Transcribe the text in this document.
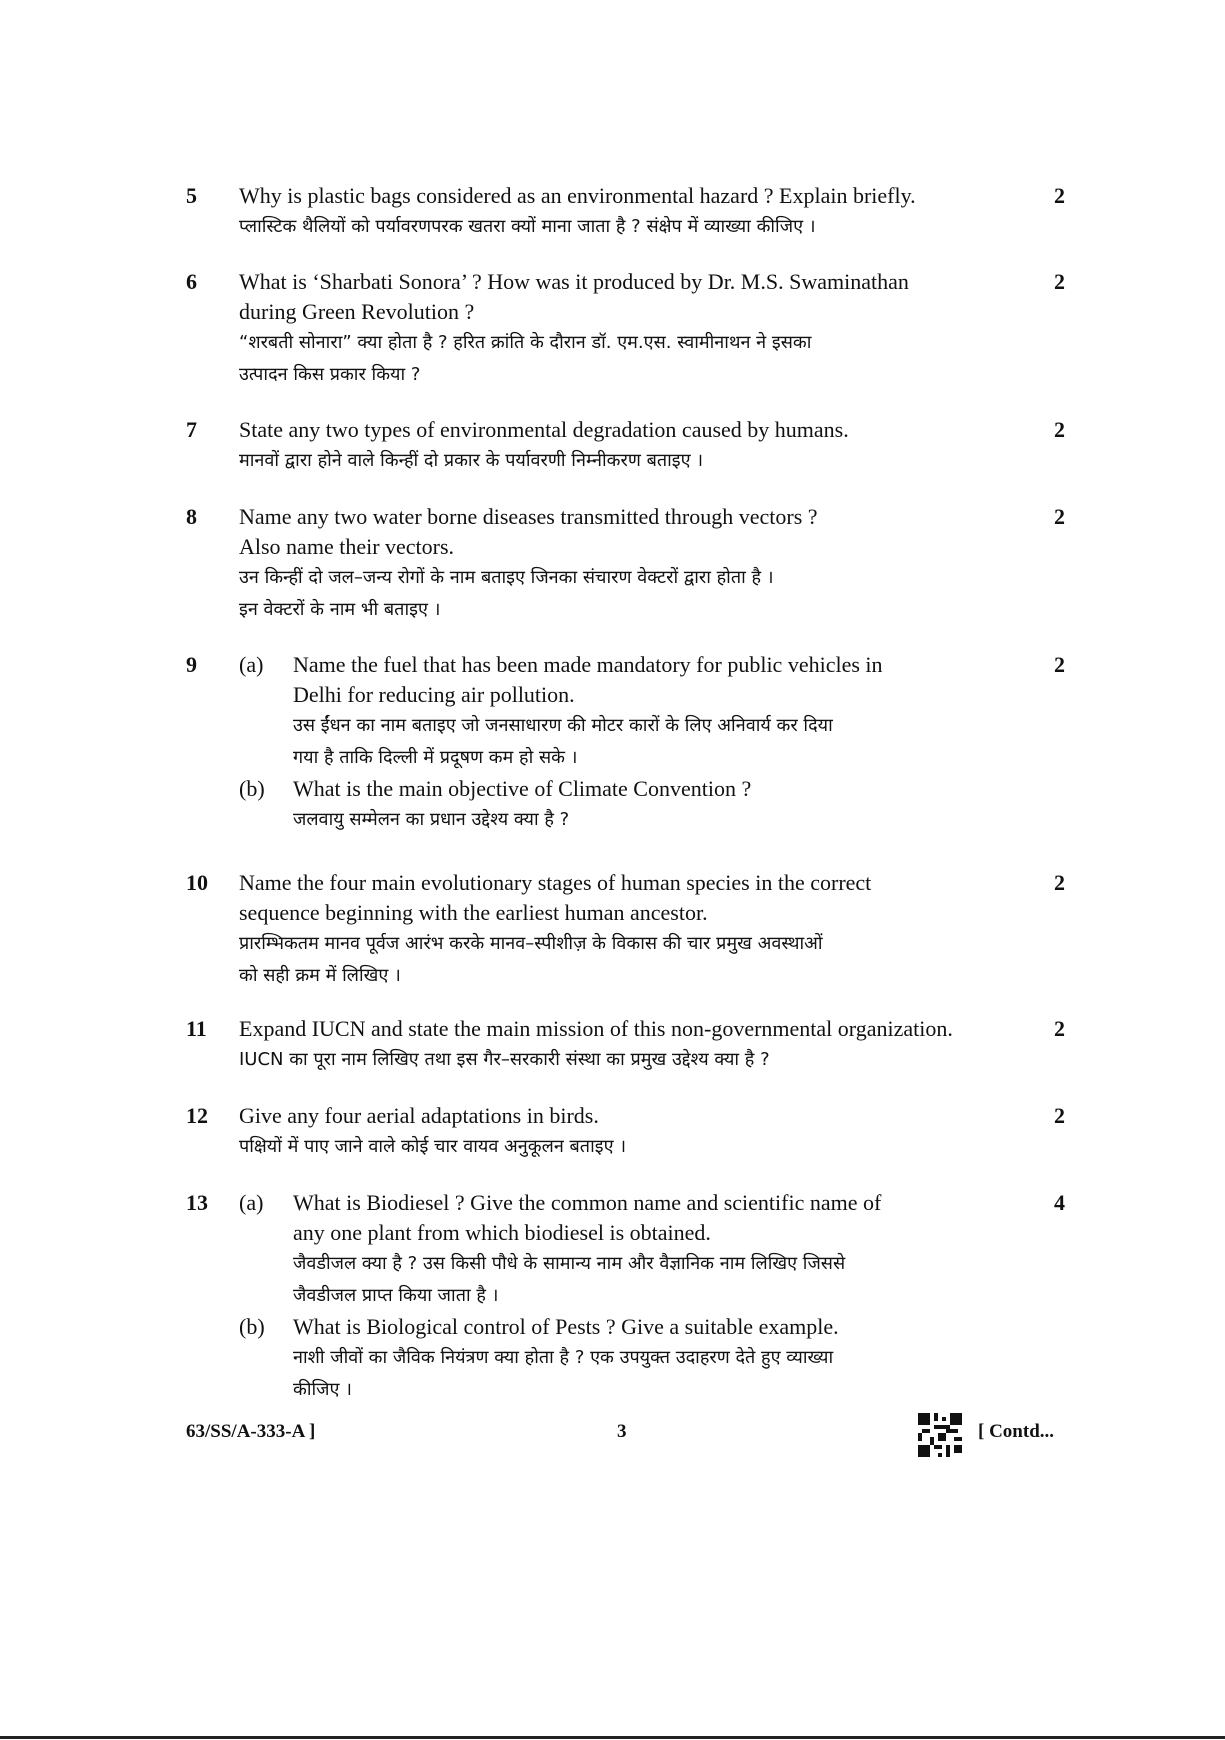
5	2
Why is plastic bags considered as an environmental hazard ? Explain briefly.
प्लास्टिक थैलियों को पर्यावरणपरक खतरा क्यों माना जाता है ? संक्षेप में व्याख्या कीजिए ।
6	2
What is ‘Sharbati Sonora’ ? How was it produced by Dr. M.S. Swaminathan
during Green Revolution ?
“शरबती सोनारा” क्या होता है ? हरित क्रांति के दौरान डॉ. एम.एस. स्वामीनाथन ने इसका
उत्पादन किस प्रकार किया ?
7	2
State any two types of environmental degradation caused by humans.
मानवों द्वारा होने वाले किन्हीं दो प्रकार के पर्यावरणी निम्नीकरण बताइए ।
8	2
Name any two water borne diseases transmitted through vectors ?
Also name their vectors.
उन किन्हीं दो जल–जन्य रोगों के नाम बताइए जिनका संचारण वेक्टरों द्वारा होता है ।
इन वेक्टरों के नाम भी बताइए ।
9	2
(a)	Name the fuel that has been made mandatory for public vehicles in
Delhi for reducing air pollution.
उस ईंधन का नाम बताइए जो जनसाधारण की मोटर कारों के लिए अनिवार्य कर दिया
गया है ताकि दिल्ली में प्रदूषण कम हो सके ।
(b)	What is the main objective of Climate Convention ?
जलवायु सम्मेलन का प्रधान उद्देश्य क्या है ?
10	2
Name the four main evolutionary stages of human species in the correct
sequence beginning with the earliest human ancestor.
प्रारम्भिकतम मानव पूर्वज आरंभ करके मानव–स्पीशीज़ के विकास की चार प्रमुख अवस्थाओं
को सही क्रम में लिखिए ।
11	2
Expand IUCN and state the main mission of this non-governmental organization.
IUCN का पूरा नाम लिखिए तथा इस गैर–सरकारी संस्था का प्रमुख उद्देश्य क्या है ?
12	2
Give any four aerial adaptations in birds.
पक्षियों में पाए जाने वाले कोई चार वायव अनुकूलन बताइए ।
13	4
(a)	What is Biodiesel ? Give the common name and scientific name of
any one plant from which biodiesel is obtained.
जैवडीजल क्या है ? उस किसी पौधे के सामान्य नाम और वैज्ञानिक नाम लिखिए जिससे
जैवडीजल प्राप्त किया जाता है ।
(b)	What is Biological control of Pests ? Give a suitable example.
नाशी जीवों का जैविक नियंत्रण क्या होता है ? एक उपयुक्त उदाहरण देते हुए व्याख्या
कीजिए ।
63/SS/A-333-A ]	3	[ Contd...
